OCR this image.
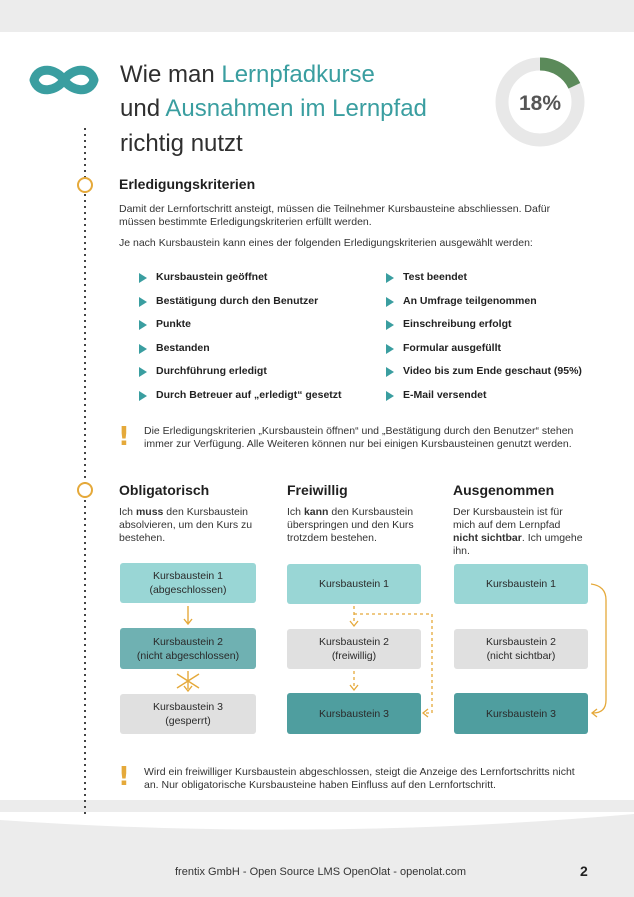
Wie man Lernpfadkurse
und Ausnahmen im Lernpfad
richtig nutzt
18%
Erledigungskriterien
Damit der Lernfortschritt ansteigt, müssen die Teilnehmer Kursbausteine abschliessen. Dafür
müssen bestimmte Erledigungskriterien erfüllt werden.
Je nach Kursbaustein kann eines der folgenden Erledigungskriterien ausgewählt werden:
Kursbaustein geöffnet
Bestätigung durch den Benutzer
Punkte
Bestanden
Durchführung erledigt
Durch Betreuer auf „erledigt“ gesetzt
Test beendet
An Umfrage teilgenommen
Einschreibung erfolgt
Formular ausgefüllt
Video bis zum Ende geschaut (95%)
E-Mail versendet
! Die Erledigungskriterien „Kursbaustein öffnen“ und „Bestätigung durch den Benutzer“ stehen
immer zur Verfügung. Alle Weiteren können nur bei einigen Kursbausteinen genutzt werden.
Obligatorisch	Freiwillig	Ausgenommen
Ich muss den Kursbaustein
absolvieren, um den Kurs zu
bestehen.
Ich kann den Kursbaustein
überspringen und den Kurs
trotzdem bestehen.
Der Kursbaustein ist für
mich auf dem Lernpfad
nicht sichtbar. Ich umgehe
ihn.
Kursbaustein 1
(abgeschlossen)
Kursbaustein 2
(nicht abgeschlossen)
Kursbaustein 3
(gesperrt)
Kursbaustein 1
Kursbaustein 2
(freiwillig)
Kursbaustein 3
Kursbaustein 1
Kursbaustein 2
(nicht sichtbar)
Kursbaustein 3
! Wird ein freiwilliger Kursbaustein abgeschlossen, steigt die Anzeige des Lernfortschritts nicht
an. Nur obligatorische Kursbausteine haben Einfluss auf den Lernfortschritt.
frentix GmbH - Open Source LMS OpenOlat - openolat.com	2
